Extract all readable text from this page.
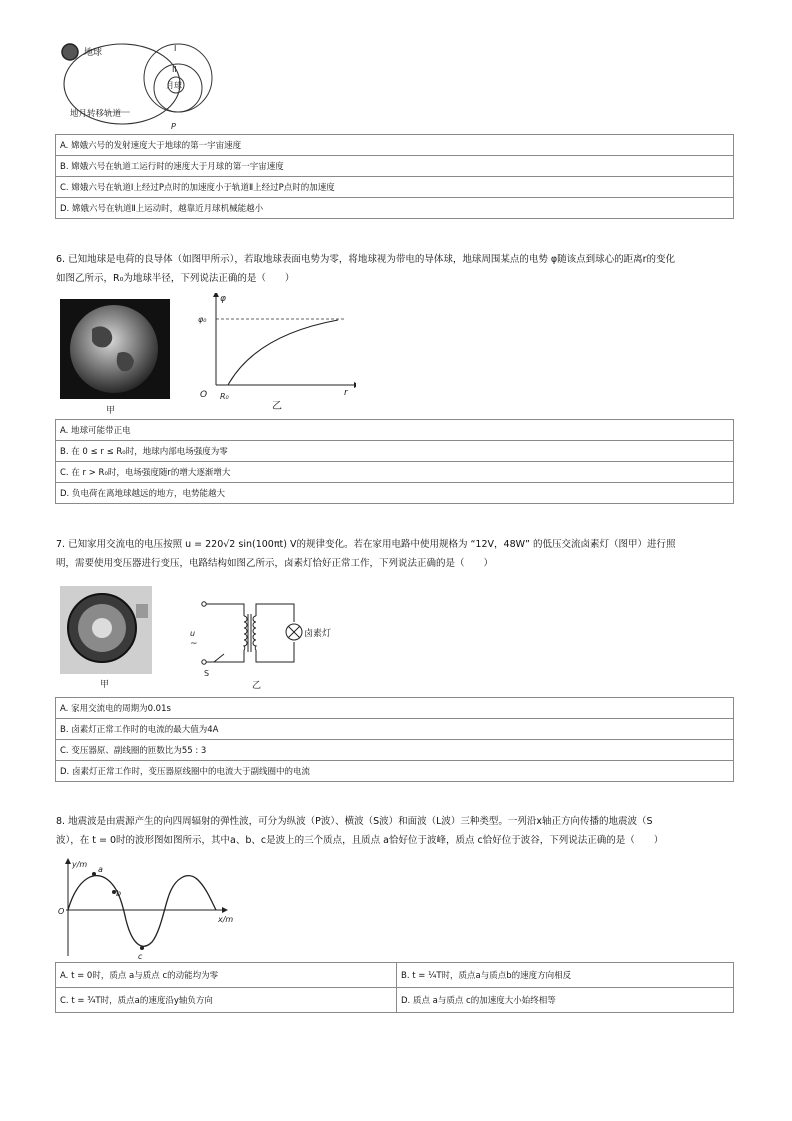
地球	I
II
月球
地月转移轨道
P
A. 嫦娥六号的发射速度大于地球的第一宇宙速度
B. 嫦娥六号在轨道工运行时的速度大于月球的第一宇宙速度
C. 嫦娥六号在轨道Ⅰ上经过P点时的加速度小于轨道Ⅱ上经过P点时的加速度
D. 嫦娥六号在轨道Ⅱ上运动时，越靠近月球机械能越小
6. 已知地球是电荷的良导体（如图甲所示），若取地球表面电势为零，将地球视为带电的导体球，地球周围某点的电势 φ随该点到球心的距离r的变化
如图乙所示，R₀为地球半径，下列说法正确的是（　　）
甲
φ
φ₀
O R₀	r
乙
A. 地球可能带正电
B. 在 0 ≤ r ≤ R₀时，地球内部电场强度为零
C. 在 r > R₀时，电场强度随r的增大逐渐增大
D. 负电荷在离地球越远的地方，电势能越大
7. 已知家用交流电的电压按照 u = 220√2 sin(100πt) V的规律变化。若在家用电路中使用规格为 “12V，48W” 的低压交流卤素灯（图甲）进行照
明，需要使用变压器进行变压，电路结构如图乙所示，卤素灯恰好正常工作，下列说法正确的是（　　）
甲
u
~
S
卤素灯
乙
A. 家用交流电的周期为0.01s
B. 卤素灯正常工作时的电流的最大值为4A
C. 变压器原、副线圈的匝数比为55 : 3
D. 卤素灯正常工作时，变压器原线圈中的电流大于副线圈中的电流
8. 地震波是由震源产生的向四周辐射的弹性波，可分为纵波（P波）、横波（S波）和面波（L波）三种类型。一列沿x轴正方向传播的地震波（S
波），在 t = 0时的波形图如图所示，其中a、b、c是波上的三个质点，且质点 a恰好位于波峰，质点 c恰好位于波谷，下列说法正确的是（　　）
y/m
x/m
O
a
b
c
A. t = 0时，质点 a与质点 c的动能均为零	B. t = ¼T时，质点a与质点b的速度方向相反
C. t = ¾T时，质点a的速度沿y轴负方向	D. 质点 a与质点 c的加速度大小始终相等
